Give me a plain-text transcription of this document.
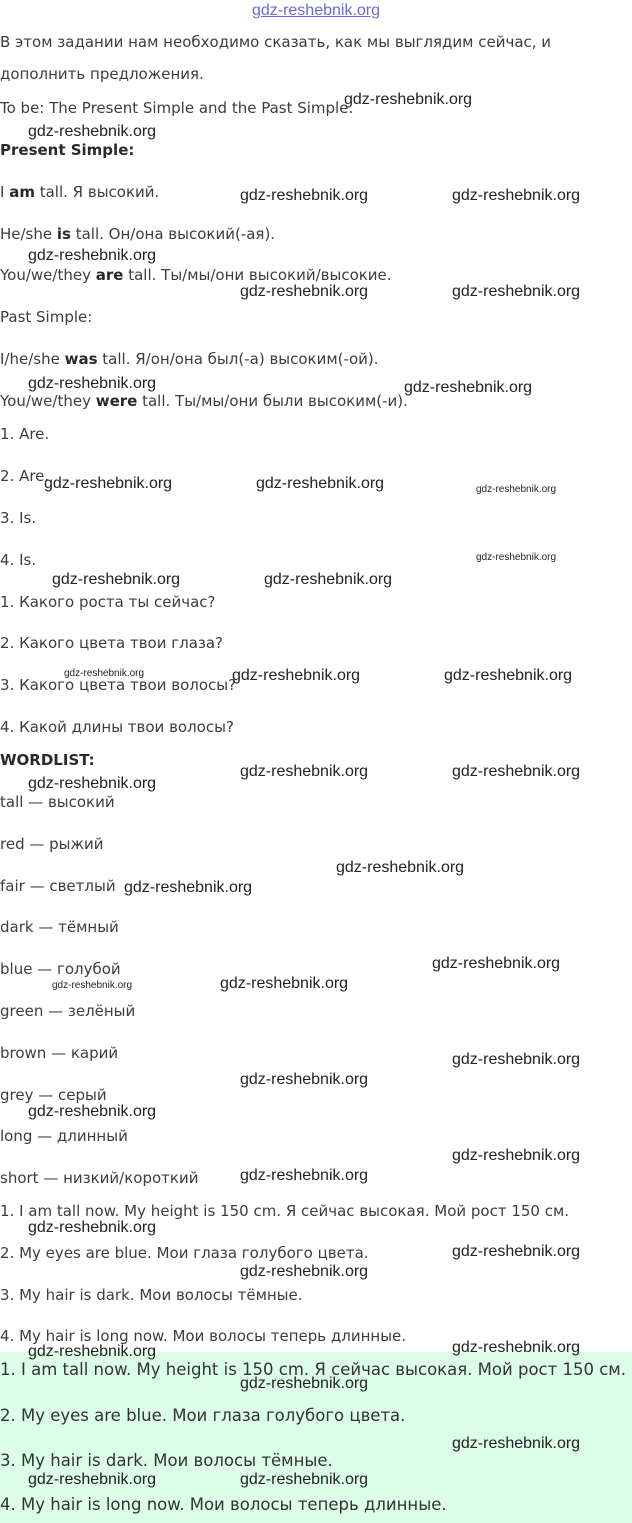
gdz-reshebnik.org
В этом задании нам необходимо сказать, как мы выглядим сейчас, и
дополнить предложения.
To be: The Present Simple and the Past Simple.
Present Simple:
I am tall. Я высокий.
He/she is tall. Он/она высокий(-ая).
You/we/they are tall. Ты/мы/они высокий/высокие.
Past Simple:
I/he/she was tall. Я/он/она был(-а) высоким(-ой).
You/we/they were tall. Ты/мы/они были высоким(-и).
1. Are.
2. Are.
3. Is.
4. Is.
1. Какого роста ты сейчас?
2. Какого цвета твои глаза?
3. Какого цвета твои волосы?
4. Какой длины твои волосы?
WORDLIST:
tall — высокий
red — рыжий
fair — светлый
dark — тёмный
blue — голубой
green — зелёный
brown — карий
grey — серый
long — длинный
short — низкий/короткий
1. I am tall now. My height is 150 cm. Я сейчас высокая. Мой рост 150 см.
2. My eyes are blue. Мои глаза голубого цвета.
3. My hair is dark. Мои волосы тёмные.
4. My hair is long now. Мои волосы теперь длинные.
1. I am tall now. My height is 150 cm. Я сейчас высокая. Мой рост 150 см.
2. My eyes are blue. Мои глаза голубого цвета.
3. My hair is dark. Мои волосы тёмные.
4. My hair is long now. Мои волосы теперь длинные.
gdz-reshebnik.org
gdz-reshebnik.org
gdz-reshebnik.org	gdz-reshebnik.org
gdz-reshebnik.org
gdz-reshebnik.org	gdz-reshebnik.org
gdz-reshebnik.org	gdz-reshebnik.org
gdz-reshebnik.org	gdz-reshebnik.org	gdz-reshebnik.org
gdz-reshebnik.org
gdz-reshebnik.org	gdz-reshebnik.org
gdz-reshebnik.org	gdz-reshebnik.org	gdz-reshebnik.org
gdz-reshebnik.org	gdz-reshebnik.org
gdz-reshebnik.org
gdz-reshebnik.org
gdz-reshebnik.org
gdz-reshebnik.org
gdz-reshebnik.org	gdz-reshebnik.org
gdz-reshebnik.org
gdz-reshebnik.org
gdz-reshebnik.org
gdz-reshebnik.org
gdz-reshebnik.org
gdz-reshebnik.org
gdz-reshebnik.org
gdz-reshebnik.org
gdz-reshebnik.org
gdz-reshebnik.org
gdz-reshebnik.org
gdz-reshebnik.org
gdz-reshebnik.org	gdz-reshebnik.org
